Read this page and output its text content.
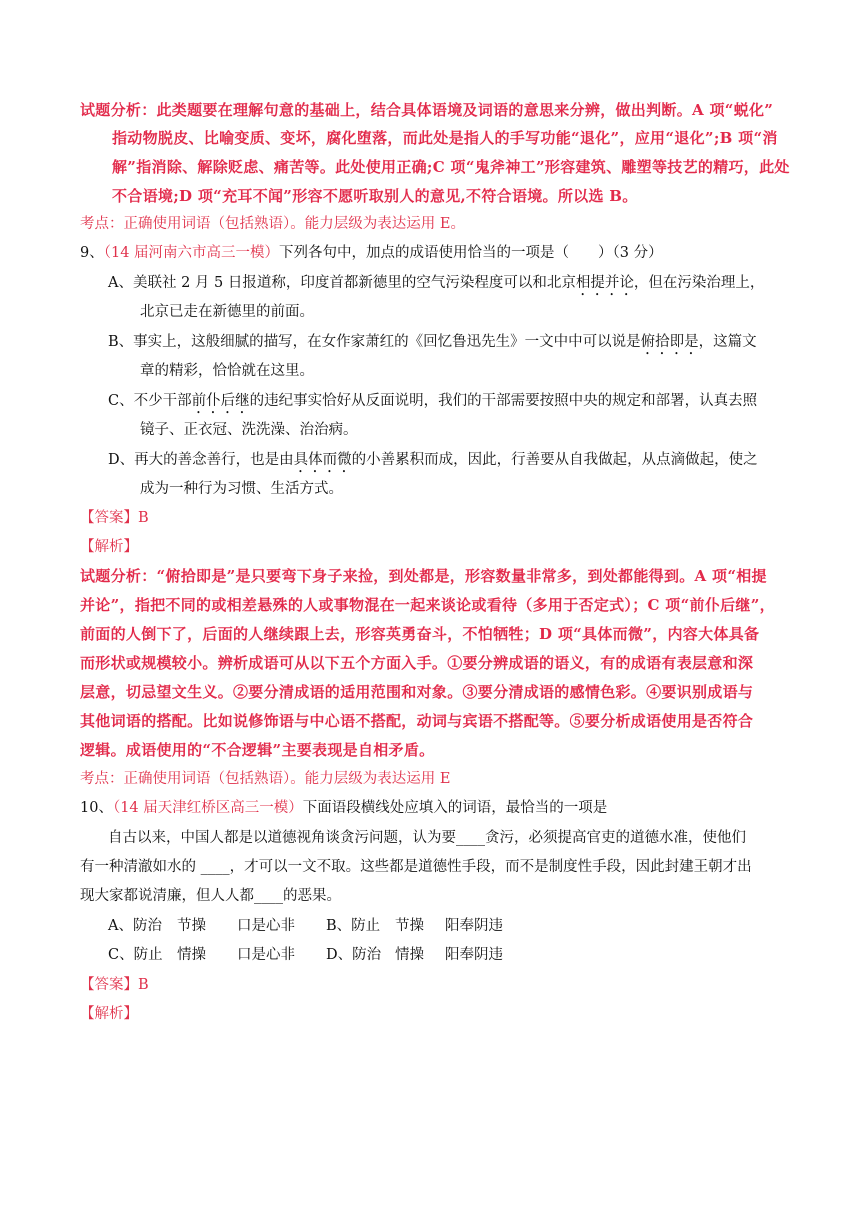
试题分析：此类题要在理解句意的基础上，结合具体语境及词语的意思来分辨，做出判断。A 项“蜕化”
指动物脱皮、比喻变质、变坏，腐化堕落，而此处是指人的手写功能“退化”，应用“退化”;B 项“消
解”指消除、解除贬虑、痛苦等。此处使用正确;C 项“鬼斧神工”形容建筑、雕塑等技艺的精巧，此处
不合语境;D 项“充耳不闻”形容不愿听取别人的意见,不符合语境。所以选 B。
考点：正确使用词语（包括熟语）。能力层级为表达运用 E。
9、（14 届河南六市高三一模）下列各句中，加点的成语使用恰当的一项是（　　）（3 分）
A、美联社 2 月 5 日报道称，印度首都新德里的空气污染程度可以和北京相提并论，但在污染治理上，
北京已走在新德里的前面。
B、事实上，这般细腻的描写，在女作家萧红的《回忆鲁迅先生》一文中中可以说是俯拾即是，这篇文
章的精彩，恰恰就在这里。
C、不少干部前仆后继的违纪事实恰好从反面说明，我们的干部需要按照中央的规定和部署，认真去照
镜子、正衣冠、洗洗澡、治治病。
D、再大的善念善行，也是由具体而微的小善累积而成，因此，行善要从自我做起，从点滴做起，使之
成为一种行为习惯、生活方式。
【答案】B
【解析】
试题分析：“俯拾即是”是只要弯下身子来捡，到处都是，形容数量非常多，到处都能得到。A 项“相提
并论”，指把不同的或相差悬殊的人或事物混在一起来谈论或看待（多用于否定式）；C 项“前仆后继”，
前面的人倒下了，后面的人继续跟上去，形容英勇奋斗，不怕牺牲；D 项“具体而微”，内容大体具备
而形状或规模较小。辨析成语可从以下五个方面入手。①要分辨成语的语义，有的成语有表层意和深
层意，切忌望文生义。②要分清成语的适用范围和对象。③要分清成语的感情色彩。④要识别成语与
其他词语的搭配。比如说修饰语与中心语不搭配，动词与宾语不搭配等。⑤要分析成语使用是否符合
逻辑。成语使用的“不合逻辑”主要表现是自相矛盾。
考点：正确使用词语（包括熟语）。能力层级为表达运用 E
10、（14 届天津红桥区高三一模）下面语段横线处应填入的词语，最恰当的一项是
自古以来，中国人都是以道德视角谈贪污问题，认为要____贪污，必须提高官吏的道德水准，使他们
有一种清澈如水的 ____，才可以一文不取。这些都是道德性手段，而不是制度性手段，因此封建王朝才出
现大家都说清廉，但人人都____的恶果。
A、防治 节操 口是心非 B、防止 节操 阳奉阴违
C、防止 情操 口是心非 D、防治 情操 阳奉阴违
【答案】B
【解析】
